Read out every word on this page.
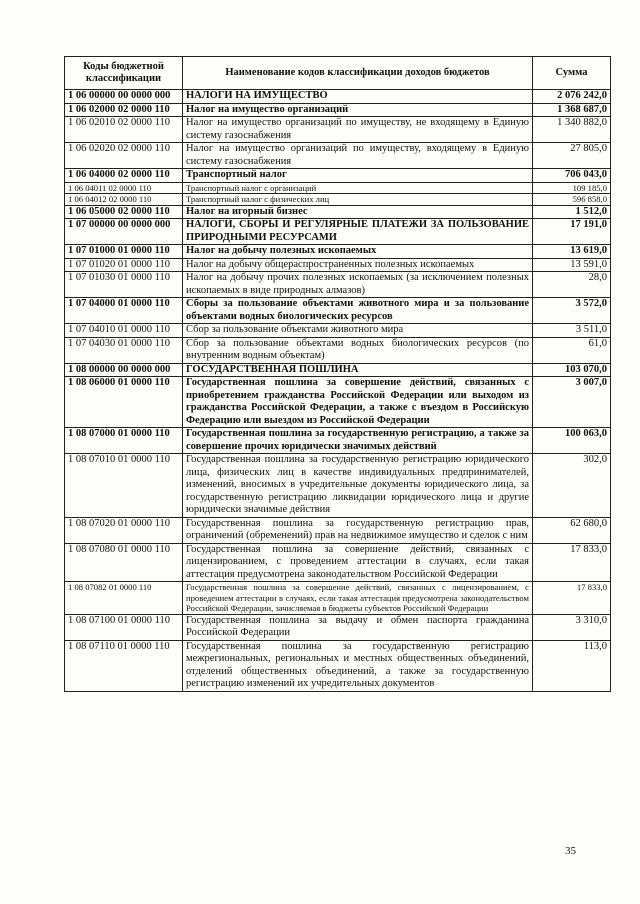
Коды бюджетной классификации	Наименование кодов классификации доходов бюджетов	Сумма
1 06 00000 00 0000 000	НАЛОГИ НА ИМУЩЕСТВО	2 076 242,0
1 06 02000 02 0000 110	Налог на имущество организаций	1 368 687,0
1 06 02010 02 0000 110	Налог на имущество организаций по имуществу, не входящему в Единую систему газоснабжения	1 340 882,0
1 06 02020 02 0000 110	Налог на имущество организаций по имуществу, входящему в Единую систему газоснабжения	27 805,0
1 06 04000 02 0000 110	Транспортный налог	706 043,0
1 06 04011 02 0000 110	Транспортный налог с организаций	109 185,0
1 06 04012 02 0000 110	Транспортный налог с физических лиц	596 858,0
1 06 05000 02 0000 110	Налог на игорный бизнес	1 512,0
1 07 00000 00 0000 000	НАЛОГИ, СБОРЫ И РЕГУЛЯРНЫЕ ПЛАТЕЖИ ЗА ПОЛЬЗОВАНИЕ ПРИРОДНЫМИ РЕСУРСАМИ	17 191,0
1 07 01000 01 0000 110	Налог на добычу полезных ископаемых	13 619,0
1 07 01020 01 0000 110	Налог на добычу общераспространенных полезных ископаемых	13 591,0
1 07 01030 01 0000 110	Налог на добычу прочих полезных ископаемых (за исключением полезных ископаемых в виде природных алмазов)	28,0
1 07 04000 01 0000 110	Сборы за пользование объектами животного мира и за пользование объектами водных биологических ресурсов	3 572,0
1 07 04010 01 0000 110	Сбор за пользование объектами животного мира	3 511,0
1 07 04030 01 0000 110	Сбор за пользование объектами водных биологических ресурсов (по внутренним водным объектам)	61,0
1 08 00000 00 0000 000	ГОСУДАРСТВЕННАЯ ПОШЛИНА	103 070,0
1 08 06000 01 0000 110	Государственная пошлина за совершение действий, связанных с приобретением гражданства Российской Федерации или выходом из гражданства Российской Федерации, а также с въездом в Российскую Федерацию или выездом из Российской Федерации	3 007,0
1 08 07000 01 0000 110	Государственная пошлина за государственную регистрацию, а также за совершение прочих юридически значимых действий	100 063,0
1 08 07010 01 0000 110	Государственная пошлина за государственную регистрацию юридического лица, физических лиц в качестве индивидуальных предпринимателей, изменений, вносимых в учредительные документы юридического лица, за государственную регистрацию ликвидации юридического лица и другие юридически значимые действия	302,0
1 08 07020 01 0000 110	Государственная пошлина за государственную регистрацию прав, ограничений (обременений) прав на недвижимое имущество и сделок с ним	62 680,0
1 08 07080 01 0000 110	Государственная пошлина за совершение действий, связанных с лицензированием, с проведением аттестации в случаях, если такая аттестация предусмотрена законодательством Российской Федерации	17 833,0
1 08 07082 01 0000 110	Государственная пошлина за совершение действий, связанных с лицензированием, с проведением аттестации в случаях, если такая аттестация предусмотрена законодательством Российской Федерации, зачисляемая в бюджеты субъектов Российской Федерации	17 833,0
1 08 07100 01 0000 110	Государственная пошлина за выдачу и обмен паспорта гражданина Российской Федерации	3 310,0
1 08 07110 01 0000 110	Государственная пошлина за государственную регистрацию межрегиональных, региональных и местных общественных объединений, отделений общественных объединений, а также за государственную регистрацию изменений их учредительных документов	113,0
35
